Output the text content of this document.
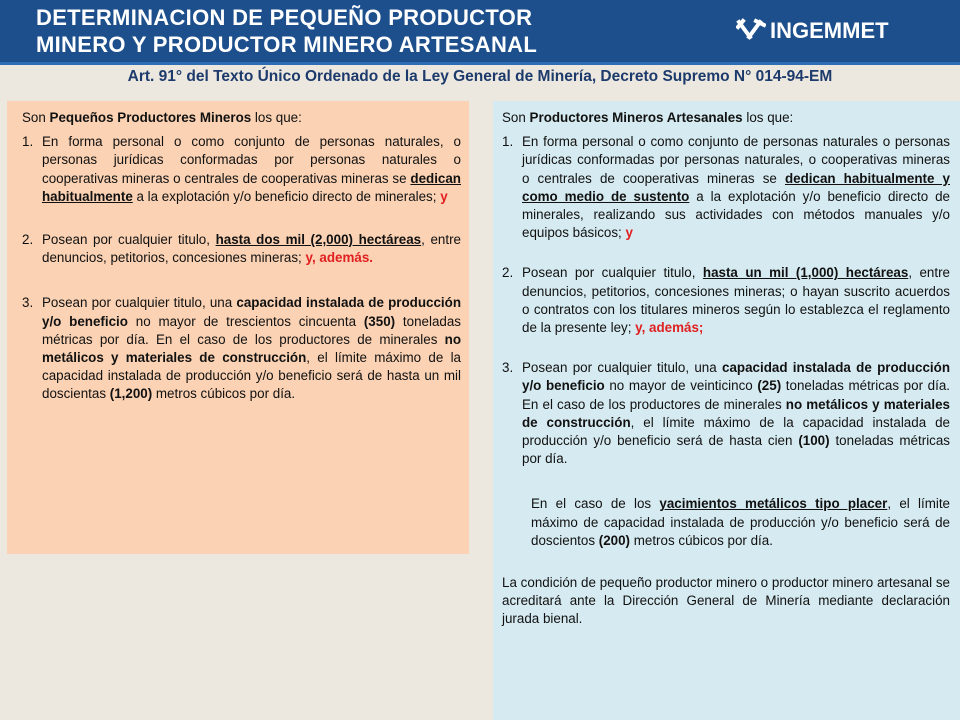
DETERMINACION DE PEQUEÑO PRODUCTOR
MINERO Y PRODUCTOR MINERO ARTESANAL
INGEMMET
Art. 91° del Texto Único Ordenado de la Ley General de Minería, Decreto Supremo N° 014-94-EM

Son Pequeños Productores Mineros los que:

1. En forma personal o como conjunto de personas naturales, o personas jurídicas conformadas por personas naturales o cooperativas mineras o centrales de cooperativas mineras se dedican habitualmente a la explotación y/o beneficio directo de minerales; y
2. Posean por cualquier titulo, hasta dos mil (2,000) hectáreas, entre denuncios, petitorios, concesiones mineras; y, además.
3. Posean por cualquier titulo, una capacidad instalada de producción y/o beneficio no mayor de trescientos cincuenta (350) toneladas métricas por día. En el caso de los productores de minerales no metálicos y materiales de construcción, el límite máximo de la capacidad instalada de producción y/o beneficio será de hasta un mil doscientas (1,200) metros cúbicos por día.

Son Productores Mineros Artesanales los que:

1. En forma personal o como conjunto de personas naturales o personas jurídicas conformadas por personas naturales, o cooperativas mineras o centrales de cooperativas mineras se dedican habitualmente y como medio de sustento a la explotación y/o beneficio directo de minerales, realizando sus actividades con métodos manuales y/o equipos básicos; y
2. Posean por cualquier titulo, hasta un mil (1,000) hectáreas, entre denuncios, petitorios, concesiones mineras; o hayan suscrito acuerdos o contratos con los titulares mineros según lo establezca el reglamento de la presente ley; y, además;
3. Posean por cualquier titulo, una capacidad instalada de producción y/o beneficio no mayor de veinticinco (25) toneladas métricas por día. En el caso de los productores de minerales no metálicos y materiales de construcción, el límite máximo de la capacidad instalada de producción y/o beneficio será de hasta cien (100) toneladas métricas por día.

En el caso de los yacimientos metálicos tipo placer, el límite máximo de capacidad instalada de producción y/o beneficio será de doscientos (200) metros cúbicos por día.

La condición de pequeño productor minero o productor minero artesanal se acreditará ante la Dirección General de Minería mediante declaración jurada bienal.
